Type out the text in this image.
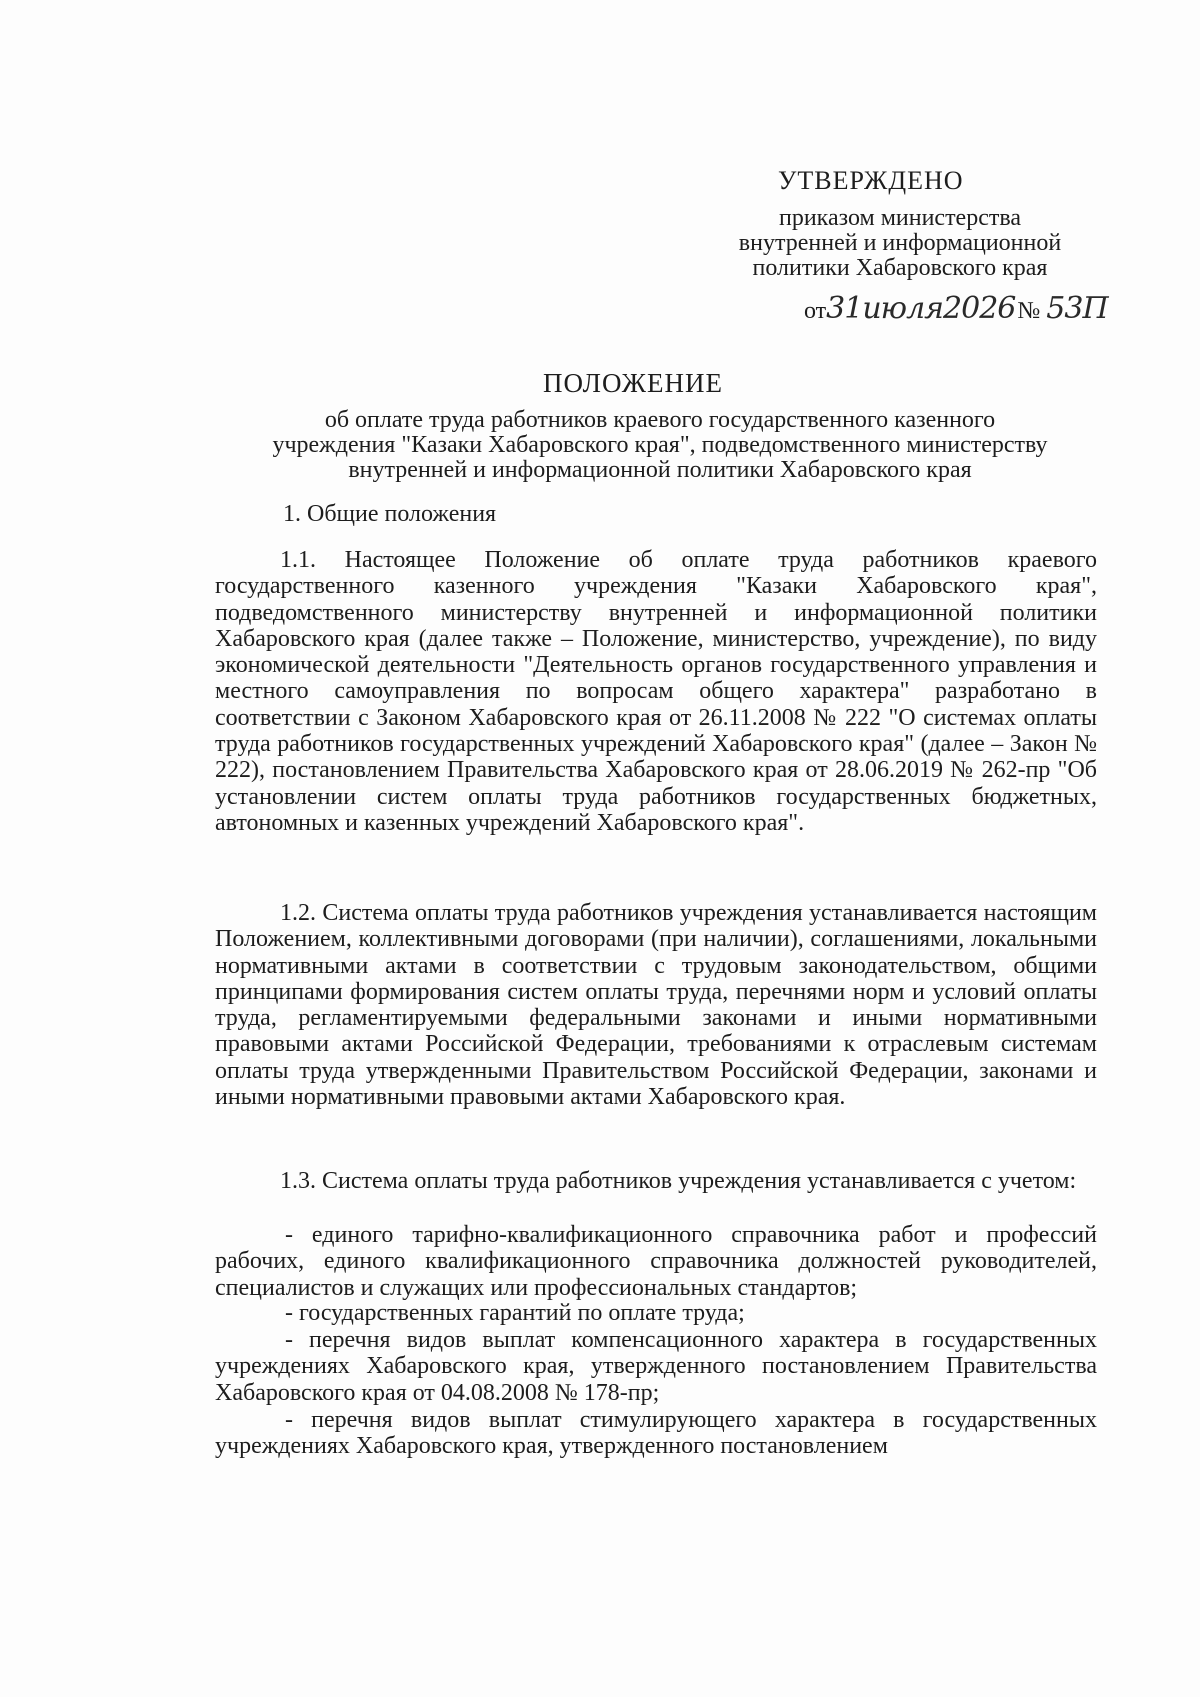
УТВЕРЖДЕНО
приказом министерства
внутренней и информационной
политики Хабаровского края
от31июля2026№ 53П
ПОЛОЖЕНИЕ
об оплате труда работников краевого государственного казенного
учреждения "Казаки Хабаровского края", подведомственного министерству
внутренней и информационной политики Хабаровского края
1. Общие положения

1.1. Настоящее Положение об оплате труда работников краевого государственного казенного учреждения "Казаки Хабаровского края", подведомственного министерству внутренней и информационной политики Хабаровского края (далее также – Положение, министерство, учреждение), по виду экономической деятельности "Деятельность органов государственного управления и местного самоуправления по вопросам общего характера" разработано в соответствии с Законом Хабаровского края от 26.11.2008 № 222 "О системах оплаты труда работников государственных учреждений Хабаровского края" (далее – Закон № 222), постановлением Правительства Хабаровского края от 28.06.2019 № 262-пр "Об установлении систем оплаты труда работников государственных бюджетных, автономных и казенных учреждений Хабаровского края".

1.2. Система оплаты труда работников учреждения устанавливается настоящим Положением, коллективными договорами (при наличии), соглашениями, локальными нормативными актами в соответствии с трудовым законодательством, общими принципами формирования систем оплаты труда, перечнями норм и условий оплаты труда, регламентируемыми федеральными законами и иными нормативными правовыми актами Российской Федерации, требованиями к отраслевым системам оплаты труда утвержденными Правительством Российской Федерации, законами и иными нормативными правовыми актами Хабаровского края.

1.3. Система оплаты труда работников учреждения устанавливается с учетом:

- единого тарифно-квалификационного справочника работ и профессий рабочих, единого квалификационного справочника должностей руководителей, специалистов и служащих или профессиональных стандартов;

- государственных гарантий по оплате труда;

- перечня видов выплат компенсационного характера в государственных учреждениях Хабаровского края, утвержденного постановлением Правительства Хабаровского края от 04.08.2008 № 178-пр;

- перечня видов выплат стимулирующего характера в государственных учреждениях Хабаровского края, утвержденного постановлением
